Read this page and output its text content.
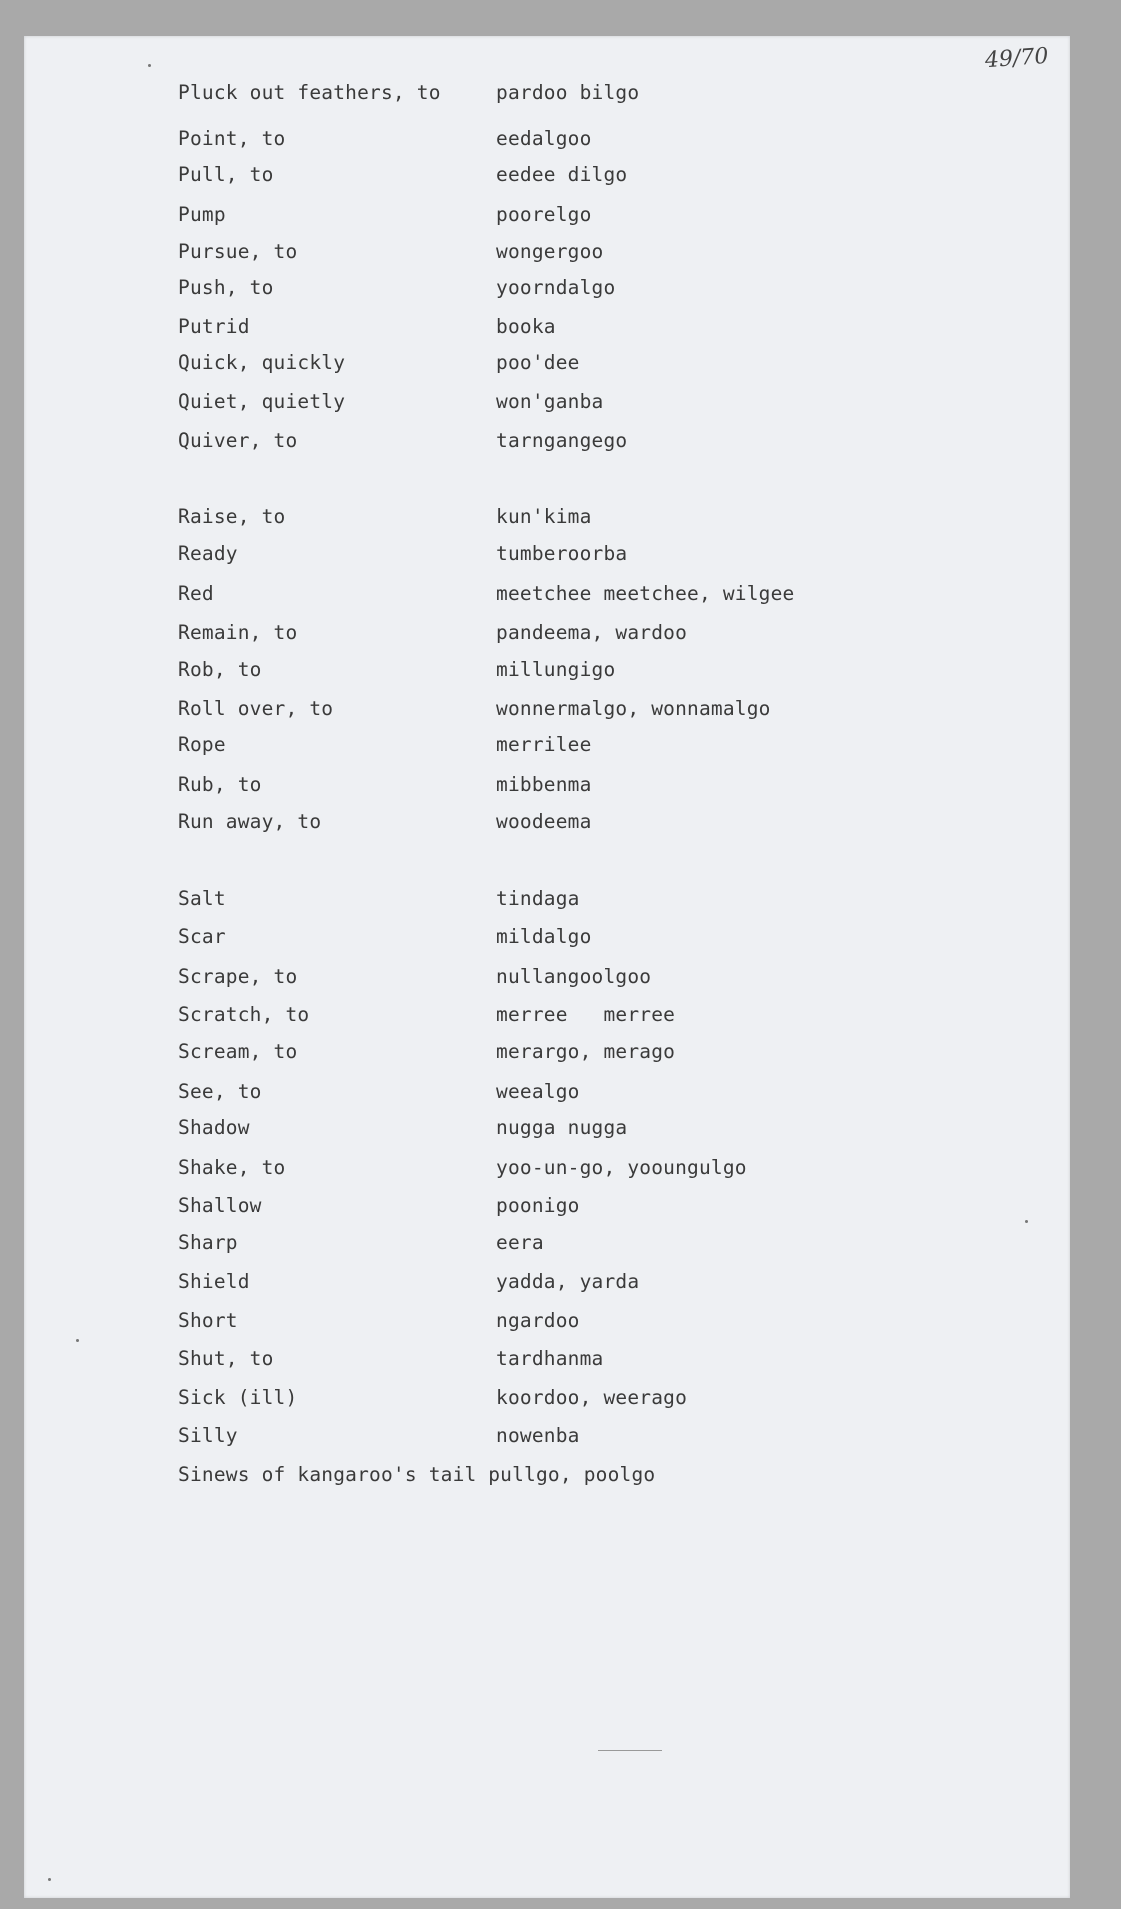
49/70
Pluck out feathers, to	pardoo bilgo
Point, to	eedalgoo
Pull, to	eedee dilgo
Pump	poorelgo
Pursue, to	wongergoo
Push, to	yoorndalgo
Putrid	booka
Quick, quickly	poo'dee
Quiet, quietly	won'ganba
Quiver, to	tarngangego
Raise, to	kun'kima
Ready	tumberoorba
Red	meetchee meetchee, wilgee
Remain, to	pandeema, wardoo
Rob, to	millungigo
Roll over, to	wonnermalgo, wonnamalgo
Rope	merrilee
Rub, to	mibbenma
Run away, to	woodeema
Salt	tindaga
Scar	mildalgo
Scrape, to	nullangoolgoo
Scratch, to	merree   merree
Scream, to	merargo, merago
See, to	weealgo
Shadow	nugga nugga
Shake, to	yoo-un-go, yooungulgo
Shallow	poonigo
Sharp	eera
Shield	yadda, yarda
Short	ngardoo
Shut, to	tardhanma
Sick (ill)	koordoo, weerago
Silly	nowenba
Sinews of kangaroo's tail pullgo, poolgo
